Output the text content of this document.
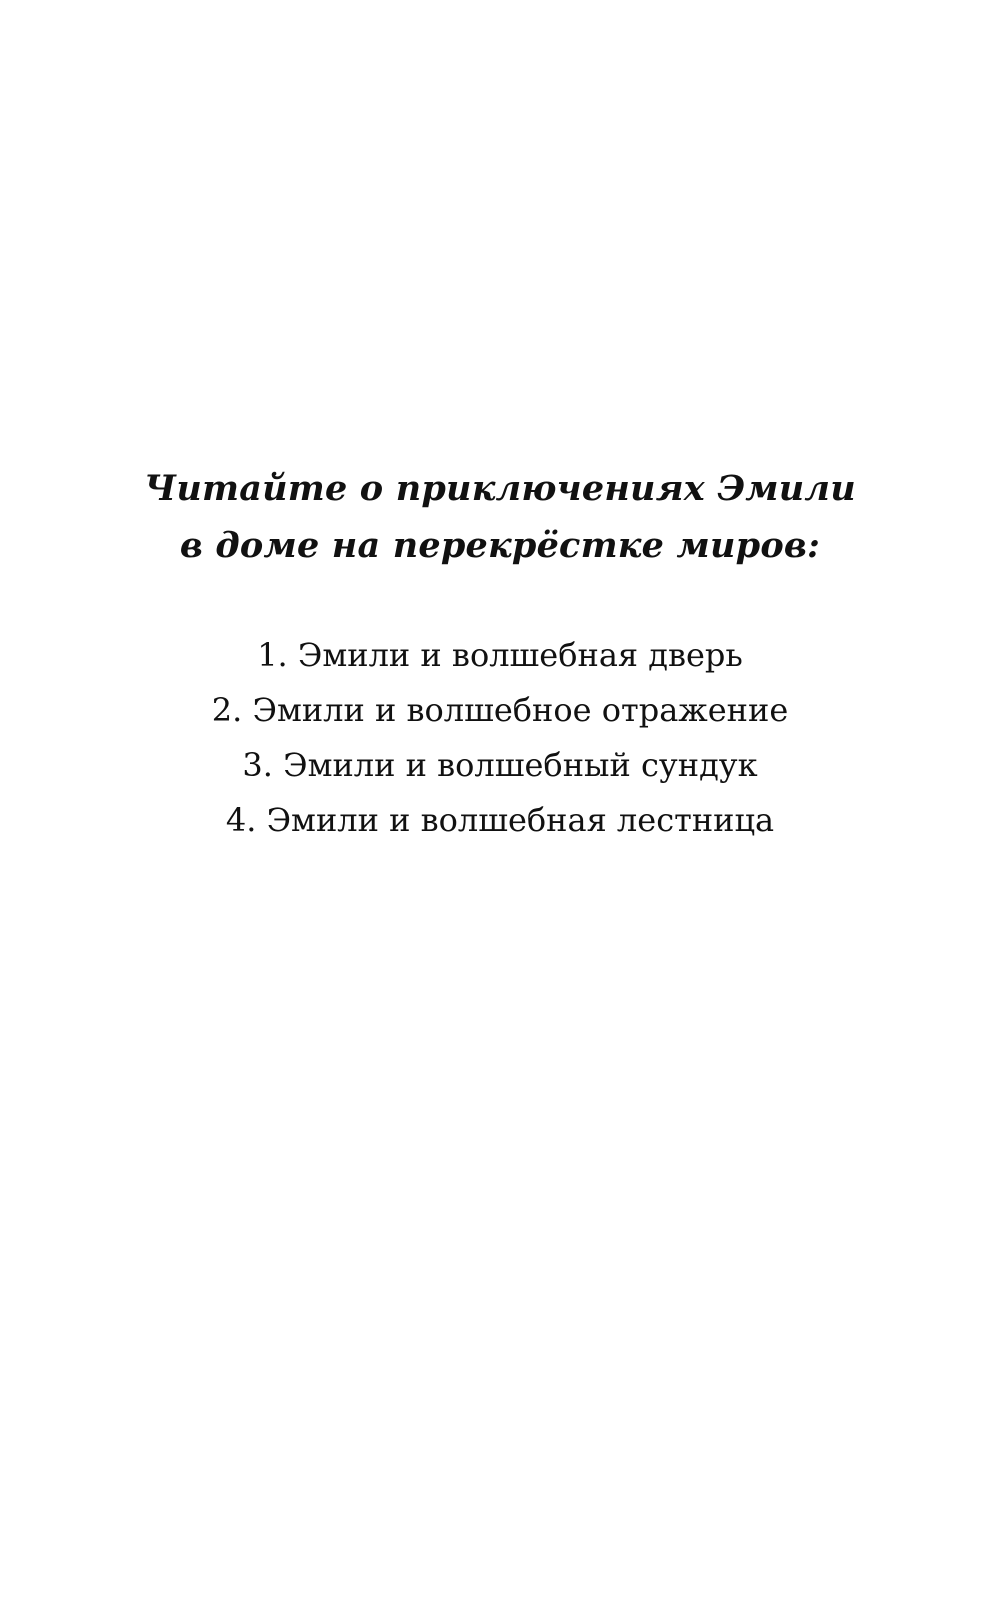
Читайте о приключениях Эмили
в доме на перекрёстке миров:
1. Эмили и волшебная дверь
2. Эмили и волшебное отражение
3. Эмили и волшебный сундук
4. Эмили и волшебная лестница
